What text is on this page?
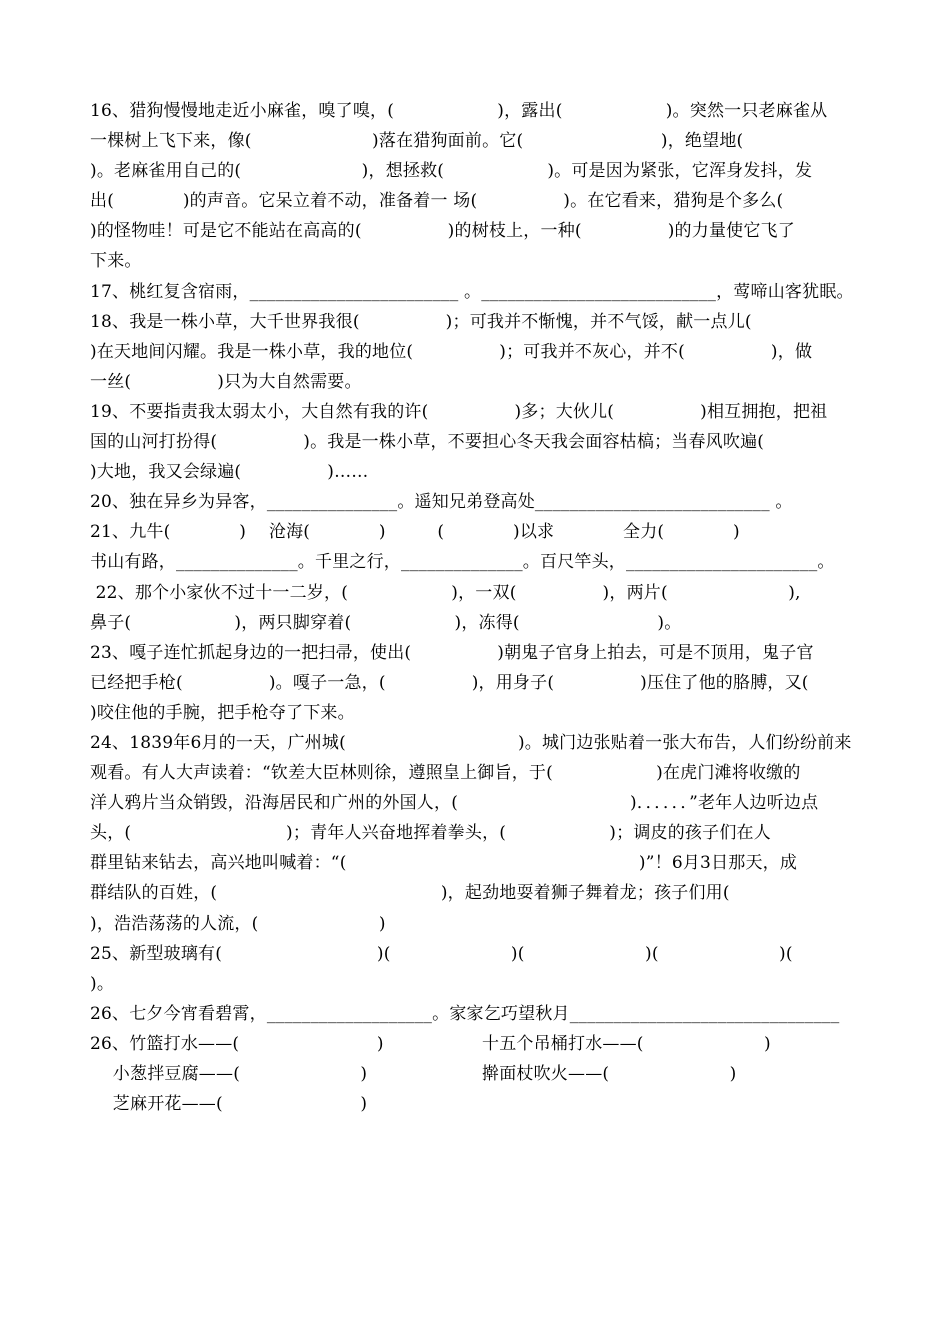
16、猎狗慢慢地走近小麻雀，嗅了嗅，(　　　　　　)，露出(　　　　　　)。突然一只老麻雀从
一棵树上飞下来，像(　　　　　　　)落在猎狗面前。它(　　　　　　　　)，绝望地(
)。老麻雀用自己的(　　　　　　　)，想拯救(　　　　　　)。可是因为紧张，它浑身发抖，发
出(　　　　)的声音。它呆立着不动，准备着一 场(　　　　　)。在它看来，猎狗是个多么(
)的怪物哇！可是它不能站在高高的(　　　　　)的树枝上，一种(　　　　　)的力量使它飞了
下来。
17、桃红复含宿雨，________________________ 。___________________________，莺啼山客犹眠。
18、我是一株小草，大千世界我很(　　　　　)；可我并不惭愧，并不气馁，献一点儿(
)在天地间闪耀。我是一株小草，我的地位(　　　　　)；可我并不灰心，并不(　　　　　)，做
一丝(　　　　　)只为大自然需要。
19、不要指责我太弱太小，大自然有我的许(　　　　　)多；大伙儿(　　　　　)相互拥抱，把祖
国的山河打扮得(　　　　　)。我是一株小草，不要担心冬天我会面容枯槁；当春风吹遍(
)大地，我又会绿遍(　　　　　)……
20、独在异乡为异客，_______________。遥知兄弟登高处___________________________ 。
21、九牛(　　　　)　 沧海(　　　　)　　　(　　　　)以求　　　　全力(　　　　)
书山有路，______________。千里之行，______________。百尺竿头，______________________。
22、那个小家伙不过十一二岁，(　　　　　　)，一双(　　　　　)，两片(　　　　　　　),
鼻子(　　　　　　)，两只脚穿着(　　　　　　)，冻得(　　　　　　　　)。
23、嘎子连忙抓起身边的一把扫帚，使出(　　　　　)朝鬼子官身上拍去，可是不顶用，鬼子官
已经把手枪(　　　　　)。嘎子一急，(　　　　　)，用身子(　　　　　)压住了他的胳膊，又(
)咬住他的手腕，把手枪夺了下来。
24、1839年6月的一天，广州城(　　　　　　　　　　)。城门边张贴着一张大布告，人们纷纷前来
观看。有人大声读着：“钦差大臣林则徐，遵照皇上御旨，于(　　　　　　)在虎门滩将收缴的
洋人鸦片当众销毁，沿海居民和广州的外国人，(　　　　　　　　　　)．．．．．．”老年人边听边点
头，(　　　　　　　　　)；青年人兴奋地挥着拳头，(　　　　　　)；调皮的孩子们在人
群里钻来钻去，高兴地叫喊着：“(　　　　　　　　　　　　　　　　　)”！6月3日那天，成
群结队的百姓，(　　　　　　　　　　　　　)，起劲地耍着狮子舞着龙；孩子们用(
)，浩浩荡荡的人流，(　　　　　　　)
25、新型玻璃有(　　　　　　　　　)(　　　　　　　)(　　　　　　　)(　　　　　　　)(
)。
26、七夕今宵看碧霄，___________________。家家乞巧望秋月_______________________________
26、竹篮打水——(　　　　　　　　)	十五个吊桶打水——(　　　　　　　)
　 小葱拌豆腐——(　　　　　　　)	擀面杖吹火——(　　　　　　　)
　 芝麻开花——(　　　　　　　　)
